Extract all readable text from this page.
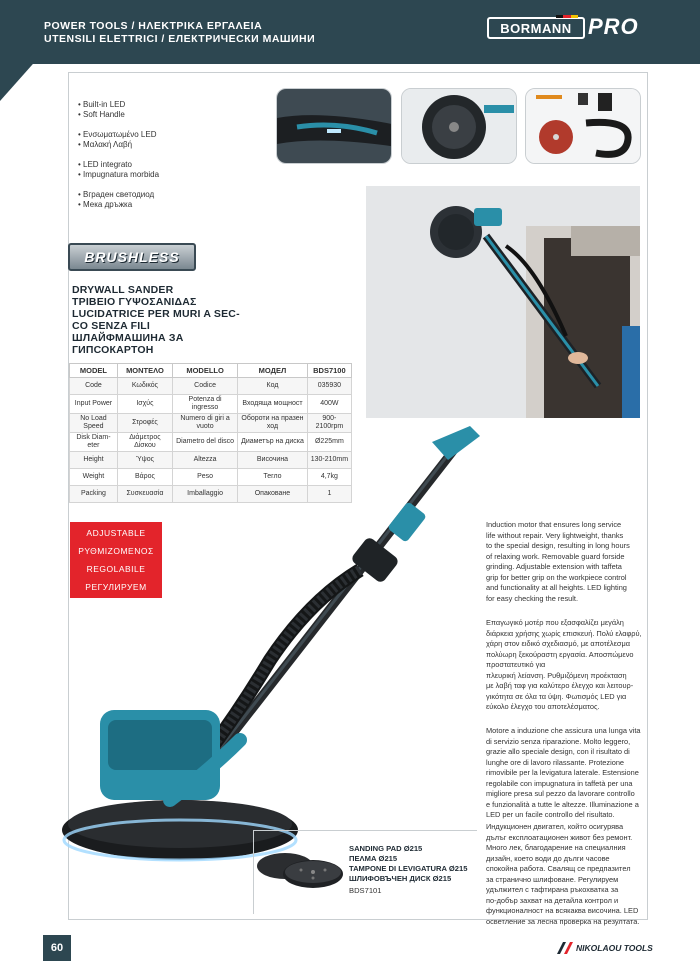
POWER TOOLS / ΗΛΕΚΤΡΙΚΑ ΕΡΓΑΛΕΙΑ
UTENSILI ELETTRICI / ЕЛЕКТРИЧЕСКИ МАШИНИ
BORMANN PRO
• Built-in LED
• Soft Handle
• Ενσωματωμένο LED
• Μαλακή Λαβή
• LED integrato
• Impugnatura morbida
• Вграден светодиод
• Мека дръжка
BRUSHLESS
DRYWALL SANDER
ΤΡΙΒΕΙΟ ΓΥΨΟΣΑΝΙΔΑΣ
LUCIDATRICE PER MURI A SEC-
CO SENZA FILI
ШЛАЙФМАШИНА ЗА
ГИПСОКАРТОН
MODEL	ΜΟΝΤΕΛΟ	MODELLO	МОДЕЛ	BDS7100
Code	Κωδικός	Codice	Код	035930
Input Power	Ισχύς	Potenza di ingresso	Входяща мощност	400W
No Load Speed	Στροφές	Numero di giri a vuoto	Обороти на празен ход	900-2100rpm
Disk Diam-eter	Διάμετρος Δίσκου	Diametro del disco	Диаметър на диска	Ø225mm
Height	Ύψος	Altezza	Височина	130-210mm
Weight	Βάρος	Peso	Тегло	4,7kg
Packing	Συσκευασία	Imballaggio	Опаковане	1
ADJUSTABLE
ΡΥΘΜΙΖΟΜΕΝΟΣ
REGOLABILE
РЕГУЛИРУЕМ
Induction motor that ensures long service
life without repair. Very lightweight, thanks
to the special design, resulting in long hours
of relaxing work. Removable guard forside
grinding. Adjustable extension with taffeta
grip for better grip on the workpiece control
and functionality at all heights. LED lighting
for easy checking the result.
Επαγωγικό μοτέρ που εξασφαλίζει μεγάλη
διάρκεια χρήσης χωρίς επισκευή. Πολύ ελαφρύ,
χάρη στον ειδικό σχεδιασμό, με αποτέλεσμα
πολύωρη ξεκούραστη εργασία. Αποσπώμενο
προστατευτικό για
πλευρική λείανση. Ρυθμιζόμενη προέκταση
με λαβή ταφ για καλύτερο έλεγχο και λειτουρ-
γικότητα σε όλα τα ύψη. Φωτισμός LED για
εύκολο έλεγχο του αποτελέσματος.
Motore a induzione che assicura una lunga vita
di servizio senza riparazione. Molto leggero,
grazie allo speciale design, con il risultato di
lunghe ore di lavoro rilassante. Protezione
rimovibile per la levigatura laterale. Estensione
regolabile con impugnatura in taffetà per una
migliore presa sul pezzo da lavorare controllo
e funzionalità a tutte le altezze. Illuminazione a
LED per un facile controllo del risultato.
Индукционен двигател, който осигурява
дълъг експлоатационен живот без ремонт.
Много лек, благодарение на специалния
дизайн, което води до дълги часове
спокойна работа. Свалящ се предпазител
за страничнo шлифоване. Регулируем
удължител с тафтирана ръкохватка за
по-добър захват на детайла контрол и
функционалност на всякаква височина. LED
осветление за лесна проверка на резултата.
SANDING PAD Ø215
ΠΕΛΜΑ Ø215
TAMPONE DI LEVIGATURA Ø215
ШЛИФОВЪЧЕН ДИСК Ø215
BDS7101
60	NIKOLAOU TOOLS
